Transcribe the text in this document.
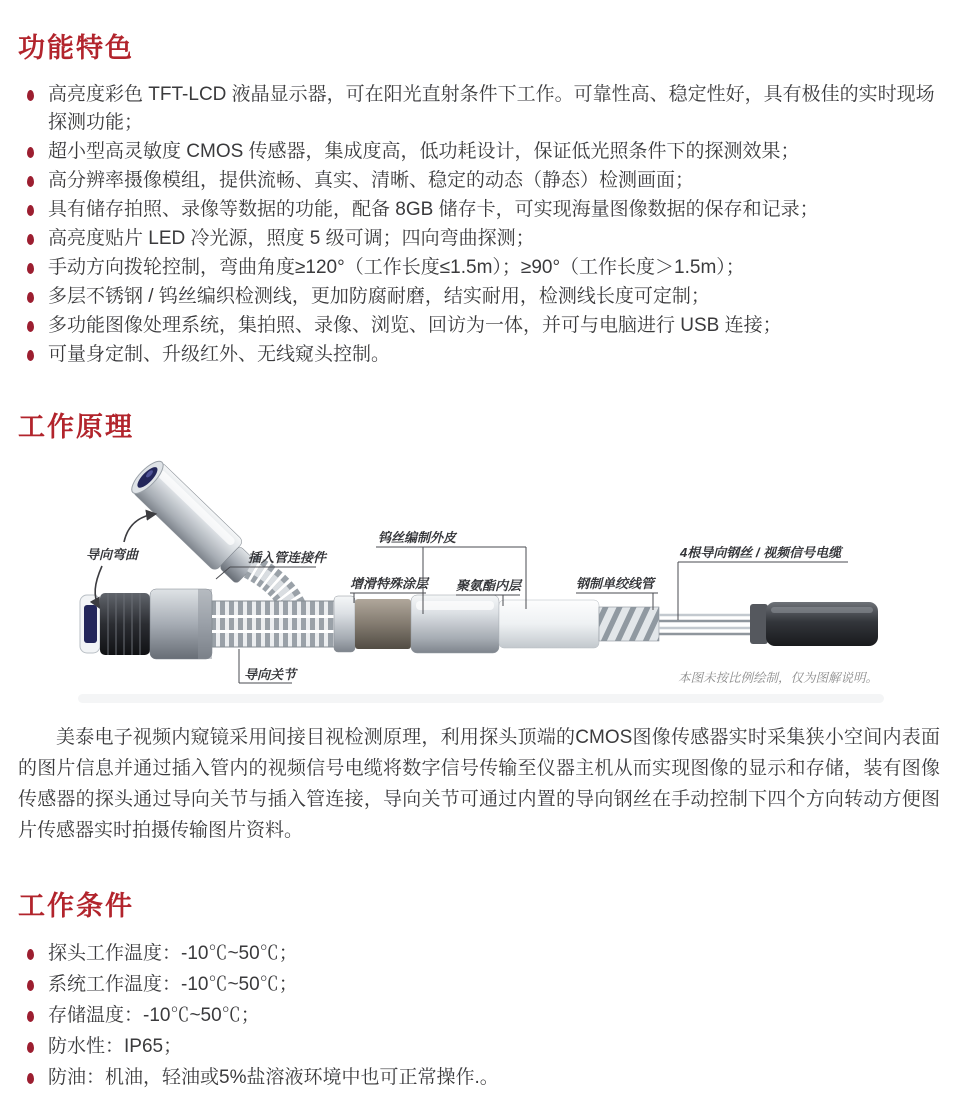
功能特色
高亮度彩色 TFT-LCD 液晶显示器，可在阳光直射条件下工作。可靠性高、稳定性好，具有极佳的实时现场探测功能；
超小型高灵敏度 CMOS 传感器，集成度高，低功耗设计，保证低光照条件下的探测效果；
高分辨率摄像模组，提供流畅、真实、清晰、稳定的动态（静态）检测画面；
具有储存拍照、录像等数据的功能，配备 8GB 储存卡，可实现海量图像数据的保存和记录；
高亮度贴片 LED 冷光源，照度 5 级可调；四向弯曲探测；
手动方向拨轮控制，弯曲角度≥120°（工作长度≤1.5m）；≥90°（工作长度＞1.5m）；
多层不锈钢 / 钨丝编织检测线，更加防腐耐磨，结实耐用，检测线长度可定制；
多功能图像处理系统，集拍照、录像、浏览、回访为一体，并可与电脑进行 USB 连接；
可量身定制、升级红外、无线窥头控制。
工作原理
导向弯曲	插入管连接件
钨丝编制外皮
增滑特殊涂层 聚氨酯内层	钢制单绞线管
4根导向钢丝 / 视频信号电缆
导向关节	本图未按比例绘制，仅为图解说明。

美泰电子视频内窥镜采用间接目视检测原理，利用探头顶端的CMOS图像传感器实时采集狭小空间内表面的图片信息并通过插入管内的视频信号电缆将数字信号传输至仪器主机从而实现图像的显示和存储，装有图像传感器的探头通过导向关节与插入管连接，导向关节可通过内置的导向钢丝在手动控制下四个方向转动方便图片传感器实时拍摄传输图片资料。

工作条件
探头工作温度：-10℃~50℃；
系统工作温度：-10℃~50℃；
存储温度：-10℃~50℃；
防水性：IP65；
防油：机油，轻油或5%盐溶液环境中也可正常操作.。
